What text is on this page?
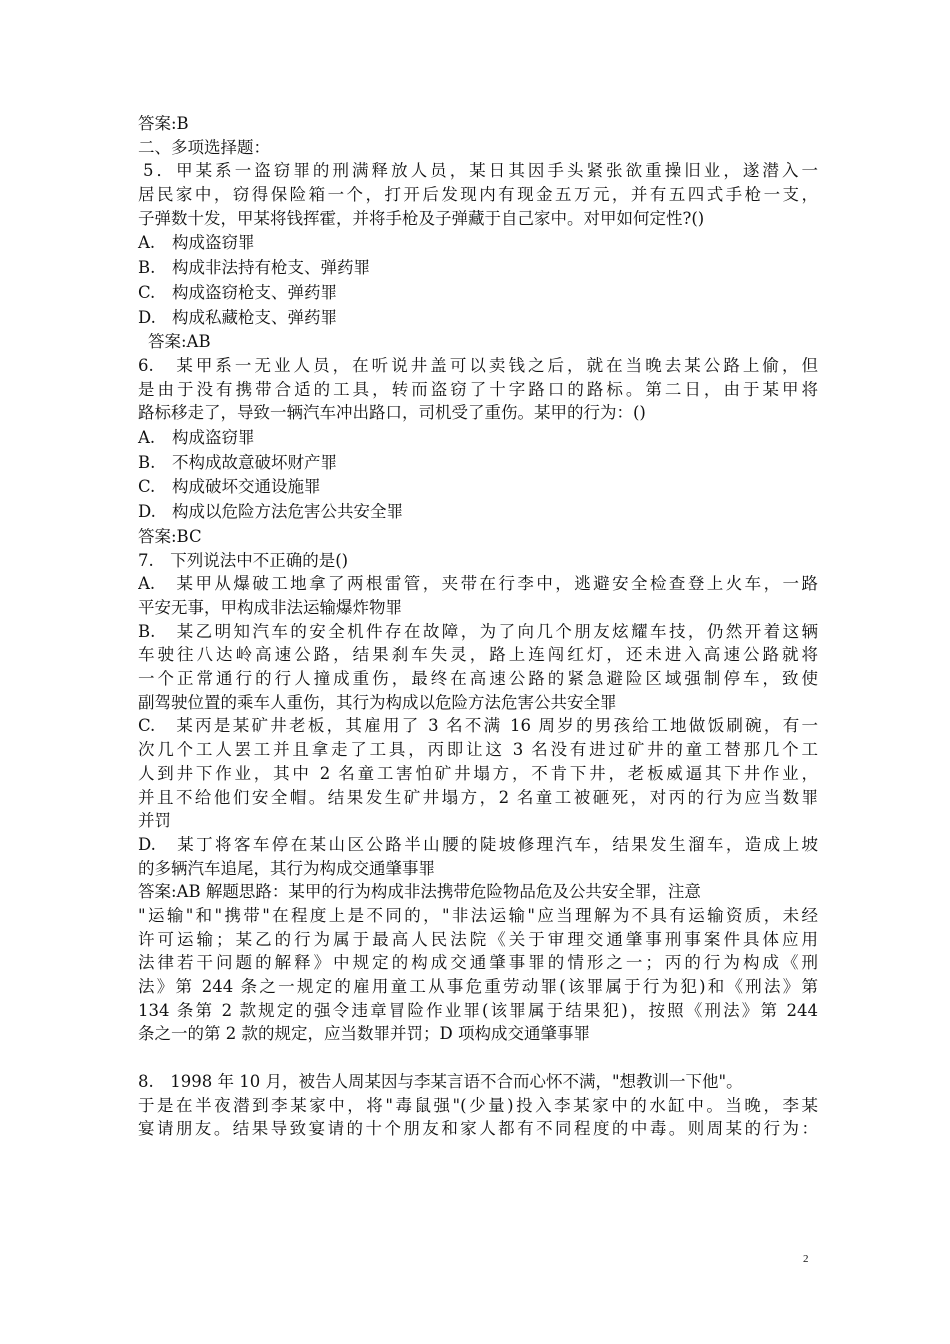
答案:B
二、多项选择题：
5．甲某系一盗窃罪的刑满释放人员，某日其因手头紧张欲重操旧业，遂潜入一
居民家中，窃得保险箱一个，打开后发现内有现金五万元，并有五四式手枪一支，
子弹数十发，甲某将钱挥霍，并将手枪及子弹藏于自己家中。对甲如何定性?()
A.	构成盗窃罪
B.	构成非法持有枪支、弹药罪
C.	构成盗窃枪支、弹药罪
D. 构成私藏枪支、弹药罪
答案:AB
6.　某甲系一无业人员，在听说井盖可以卖钱之后，就在当晚去某公路上偷，但
是由于没有携带合适的工具，转而盗窃了十字路口的路标。第二日，由于某甲将
路标移走了，导致一辆汽车冲出路口，司机受了重伤。某甲的行为：()
A.	构成盗窃罪
B.	不构成故意破坏财产罪
C.	构成破坏交通设施罪
D. 构成以危险方法危害公共安全罪
答案:BC
7.　下列说法中不正确的是()
A.　某甲从爆破工地拿了两根雷管，夹带在行李中，逃避安全检查登上火车，一路
平安无事，甲构成非法运输爆炸物罪
B.　某乙明知汽车的安全机件存在故障，为了向几个朋友炫耀车技，仍然开着这辆
车驶往八达岭高速公路，结果刹车失灵，路上连闯红灯，还未进入高速公路就将
一个正常通行的行人撞成重伤，最终在高速公路的紧急避险区域强制停车，致使
副驾驶位置的乘车人重伤，其行为构成以危险方法危害公共安全罪
C.　某丙是某矿井老板，其雇用了 3 名不满 16 周岁的男孩给工地做饭刷碗，有一
次几个工人罢工并且拿走了工具，丙即让这 3 名没有进过矿井的童工替那几个工
人到井下作业，其中 2 名童工害怕矿井塌方，不肯下井，老板威逼其下井作业，
并且不给他们安全帽。结果发生矿井塌方，2 名童工被砸死，对丙的行为应当数罪
并罚
D.　某丁将客车停在某山区公路半山腰的陡坡修理汽车，结果发生溜车，造成上坡
的多辆汽车追尾，其行为构成交通肇事罪
答案:AB 解题思路：某甲的行为构成非法携带危险物品危及公共安全罪，注意
"运输"和"携带"在程度上是不同的，"非法运输"应当理解为不具有运输资质，未经
许可运输；某乙的行为属于最高人民法院《关于审理交通肇事刑事案件具体应用
法律若干问题的解释》中规定的构成交通肇事罪的情形之一；丙的行为构成《刑
法》第 244 条之一规定的雇用童工从事危重劳动罪(该罪属于行为犯)和《刑法》第
134 条第 2 款规定的强令违章冒险作业罪(该罪属于结果犯)，按照《刑法》第 244
条之一的第 2 款的规定，应当数罪并罚；D 项构成交通肇事罪
8.　1998 年 10 月，被告人周某因与李某言语不合而心怀不满，"想教训一下他"。
于是在半夜潜到李某家中，将"毒鼠强"(少量)投入李某家中的水缸中。当晚，李某
宴请朋友。结果导致宴请的十个朋友和家人都有不同程度的中毒。则周某的行为：
2
